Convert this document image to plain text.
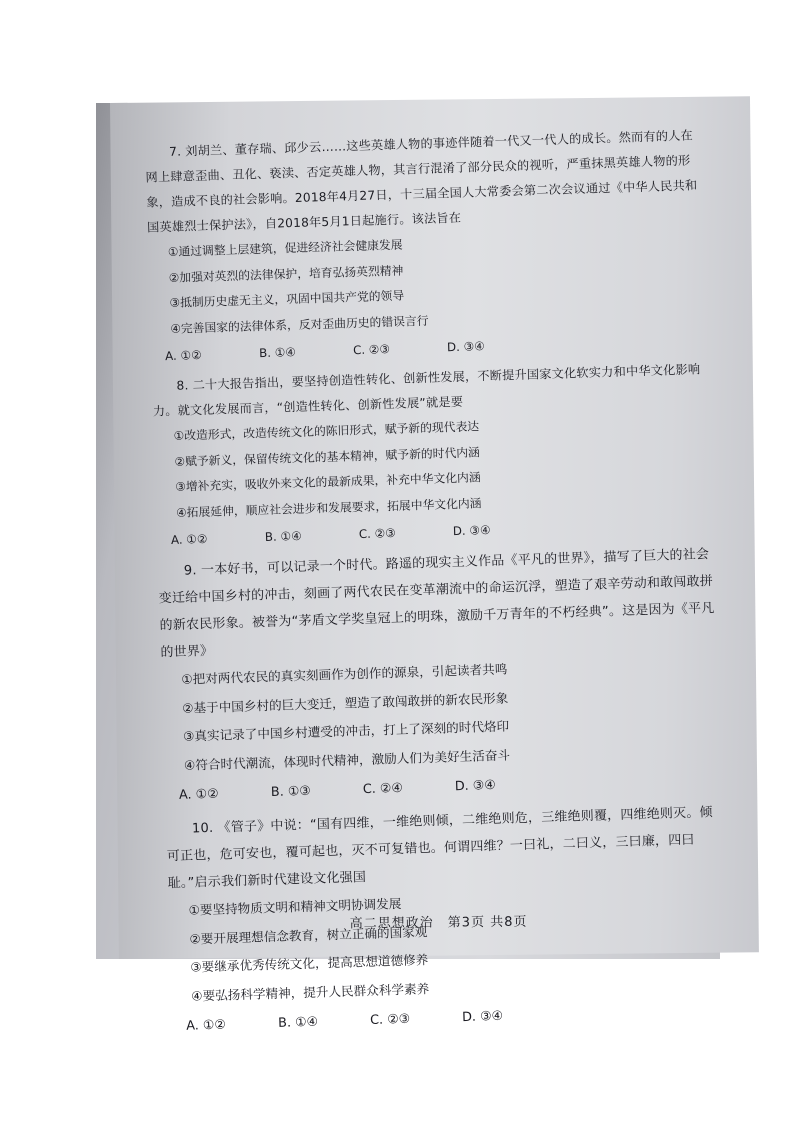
7. 刘胡兰、董存瑞、邱少云……这些英雄人物的事迹伴随着一代又一代人的成长。然而有的人在网上肆意歪曲、丑化、亵渎、否定英雄人物，其言行混淆了部分民众的视听，严重抹黑英雄人物的形象，造成不良的社会影响。2018年4月27日，十三届全国人大常委会第二次会议通过《中华人民共和国英雄烈士保护法》，自2018年5月1日起施行。该法旨在

①通过调整上层建筑，促进经济社会健康发展

②加强对英烈的法律保护，培育弘扬英烈精神

③抵制历史虚无主义，巩固中国共产党的领导

④完善国家的法律体系，反对歪曲历史的错误言行

A. ①②	B. ①④	C. ②③	D. ③④

8. 二十大报告指出，要坚持创造性转化、创新性发展，不断提升国家文化软实力和中华文化影响力。就文化发展而言，“创造性转化、创新性发展”就是要

①改造形式，改造传统文化的陈旧形式，赋予新的现代表达

②赋予新义，保留传统文化的基本精神，赋予新的时代内涵

③增补充实，吸收外来文化的最新成果，补充中华文化内涵

④拓展延伸，顺应社会进步和发展要求，拓展中华文化内涵

A. ①②	B. ①④	C. ②③	D. ③④

9. 一本好书，可以记录一个时代。路遥的现实主义作品《平凡的世界》，描写了巨大的社会变迁给中国乡村的冲击，刻画了两代农民在变革潮流中的命运沉浮，塑造了艰辛劳动和敢闯敢拼的新农民形象。被誉为“茅盾文学奖皇冠上的明珠，激励千万青年的不朽经典”。这是因为《平凡的世界》

①把对两代农民的真实刻画作为创作的源泉，引起读者共鸣

②基于中国乡村的巨大变迁，塑造了敢闯敢拼的新农民形象

③真实记录了中国乡村遭受的冲击，打上了深刻的时代烙印

④符合时代潮流，体现时代精神，激励人们为美好生活奋斗

A. ①②	B. ①③	C. ②④	D. ③④

10. 《管子》中说：“国有四维，一维绝则倾，二维绝则危，三维绝则覆，四维绝则灭。倾可正也，危可安也，覆可起也，灭不可复错也。何谓四维？一曰礼，二曰义，三曰廉，四曰耻。”启示我们新时代建设文化强国

①要坚持物质文明和精神文明协调发展

②要开展理想信念教育，树立正确的国家观

③要继承优秀传统文化，提高思想道德修养

④要弘扬科学精神，提升人民群众科学素养

A. ①②	B. ①④	C. ②③	D. ③④
高二思想政治　第3页 共8页
